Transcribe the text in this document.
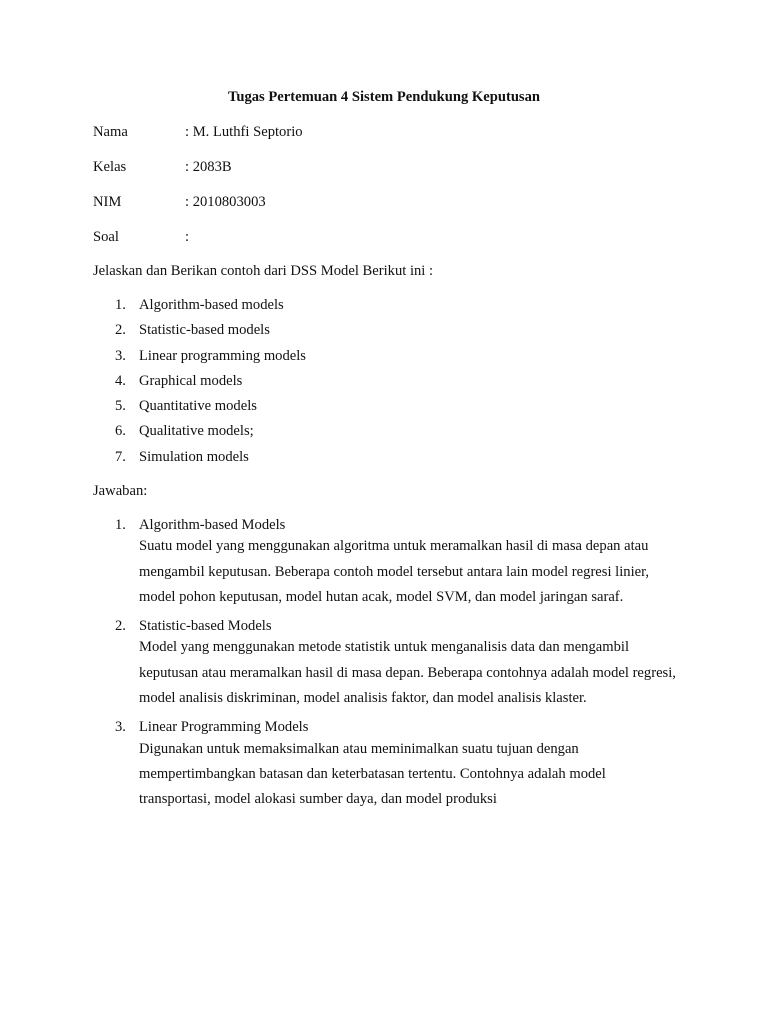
Tugas Pertemuan 4 Sistem Pendukung Keputusan
Nama	: M. Luthfi Septorio
Kelas	: 2083B
NIM	: 2010803003
Soal	:
Jelaskan dan Berikan contoh dari DSS Model Berikut ini :
1. Algorithm-based models
2. Statistic-based models
3. Linear programming models
4. Graphical models
5. Quantitative models
6. Qualitative models;
7. Simulation models
Jawaban:
1. Algorithm-based Models
Suatu model yang menggunakan algoritma untuk meramalkan hasil di masa depan atau mengambil keputusan. Beberapa contoh model tersebut antara lain model regresi linier, model pohon keputusan, model hutan acak, model SVM, dan model jaringan saraf.
2. Statistic-based Models
Model yang menggunakan metode statistik untuk menganalisis data dan mengambil keputusan atau meramalkan hasil di masa depan. Beberapa contohnya adalah model regresi, model analisis diskriminan, model analisis faktor, dan model analisis klaster.
3. Linear Programming Models
Digunakan untuk memaksimalkan atau meminimalkan suatu tujuan dengan mempertimbangkan batasan dan keterbatasan tertentu. Contohnya adalah model transportasi, model alokasi sumber daya, dan model produksi
